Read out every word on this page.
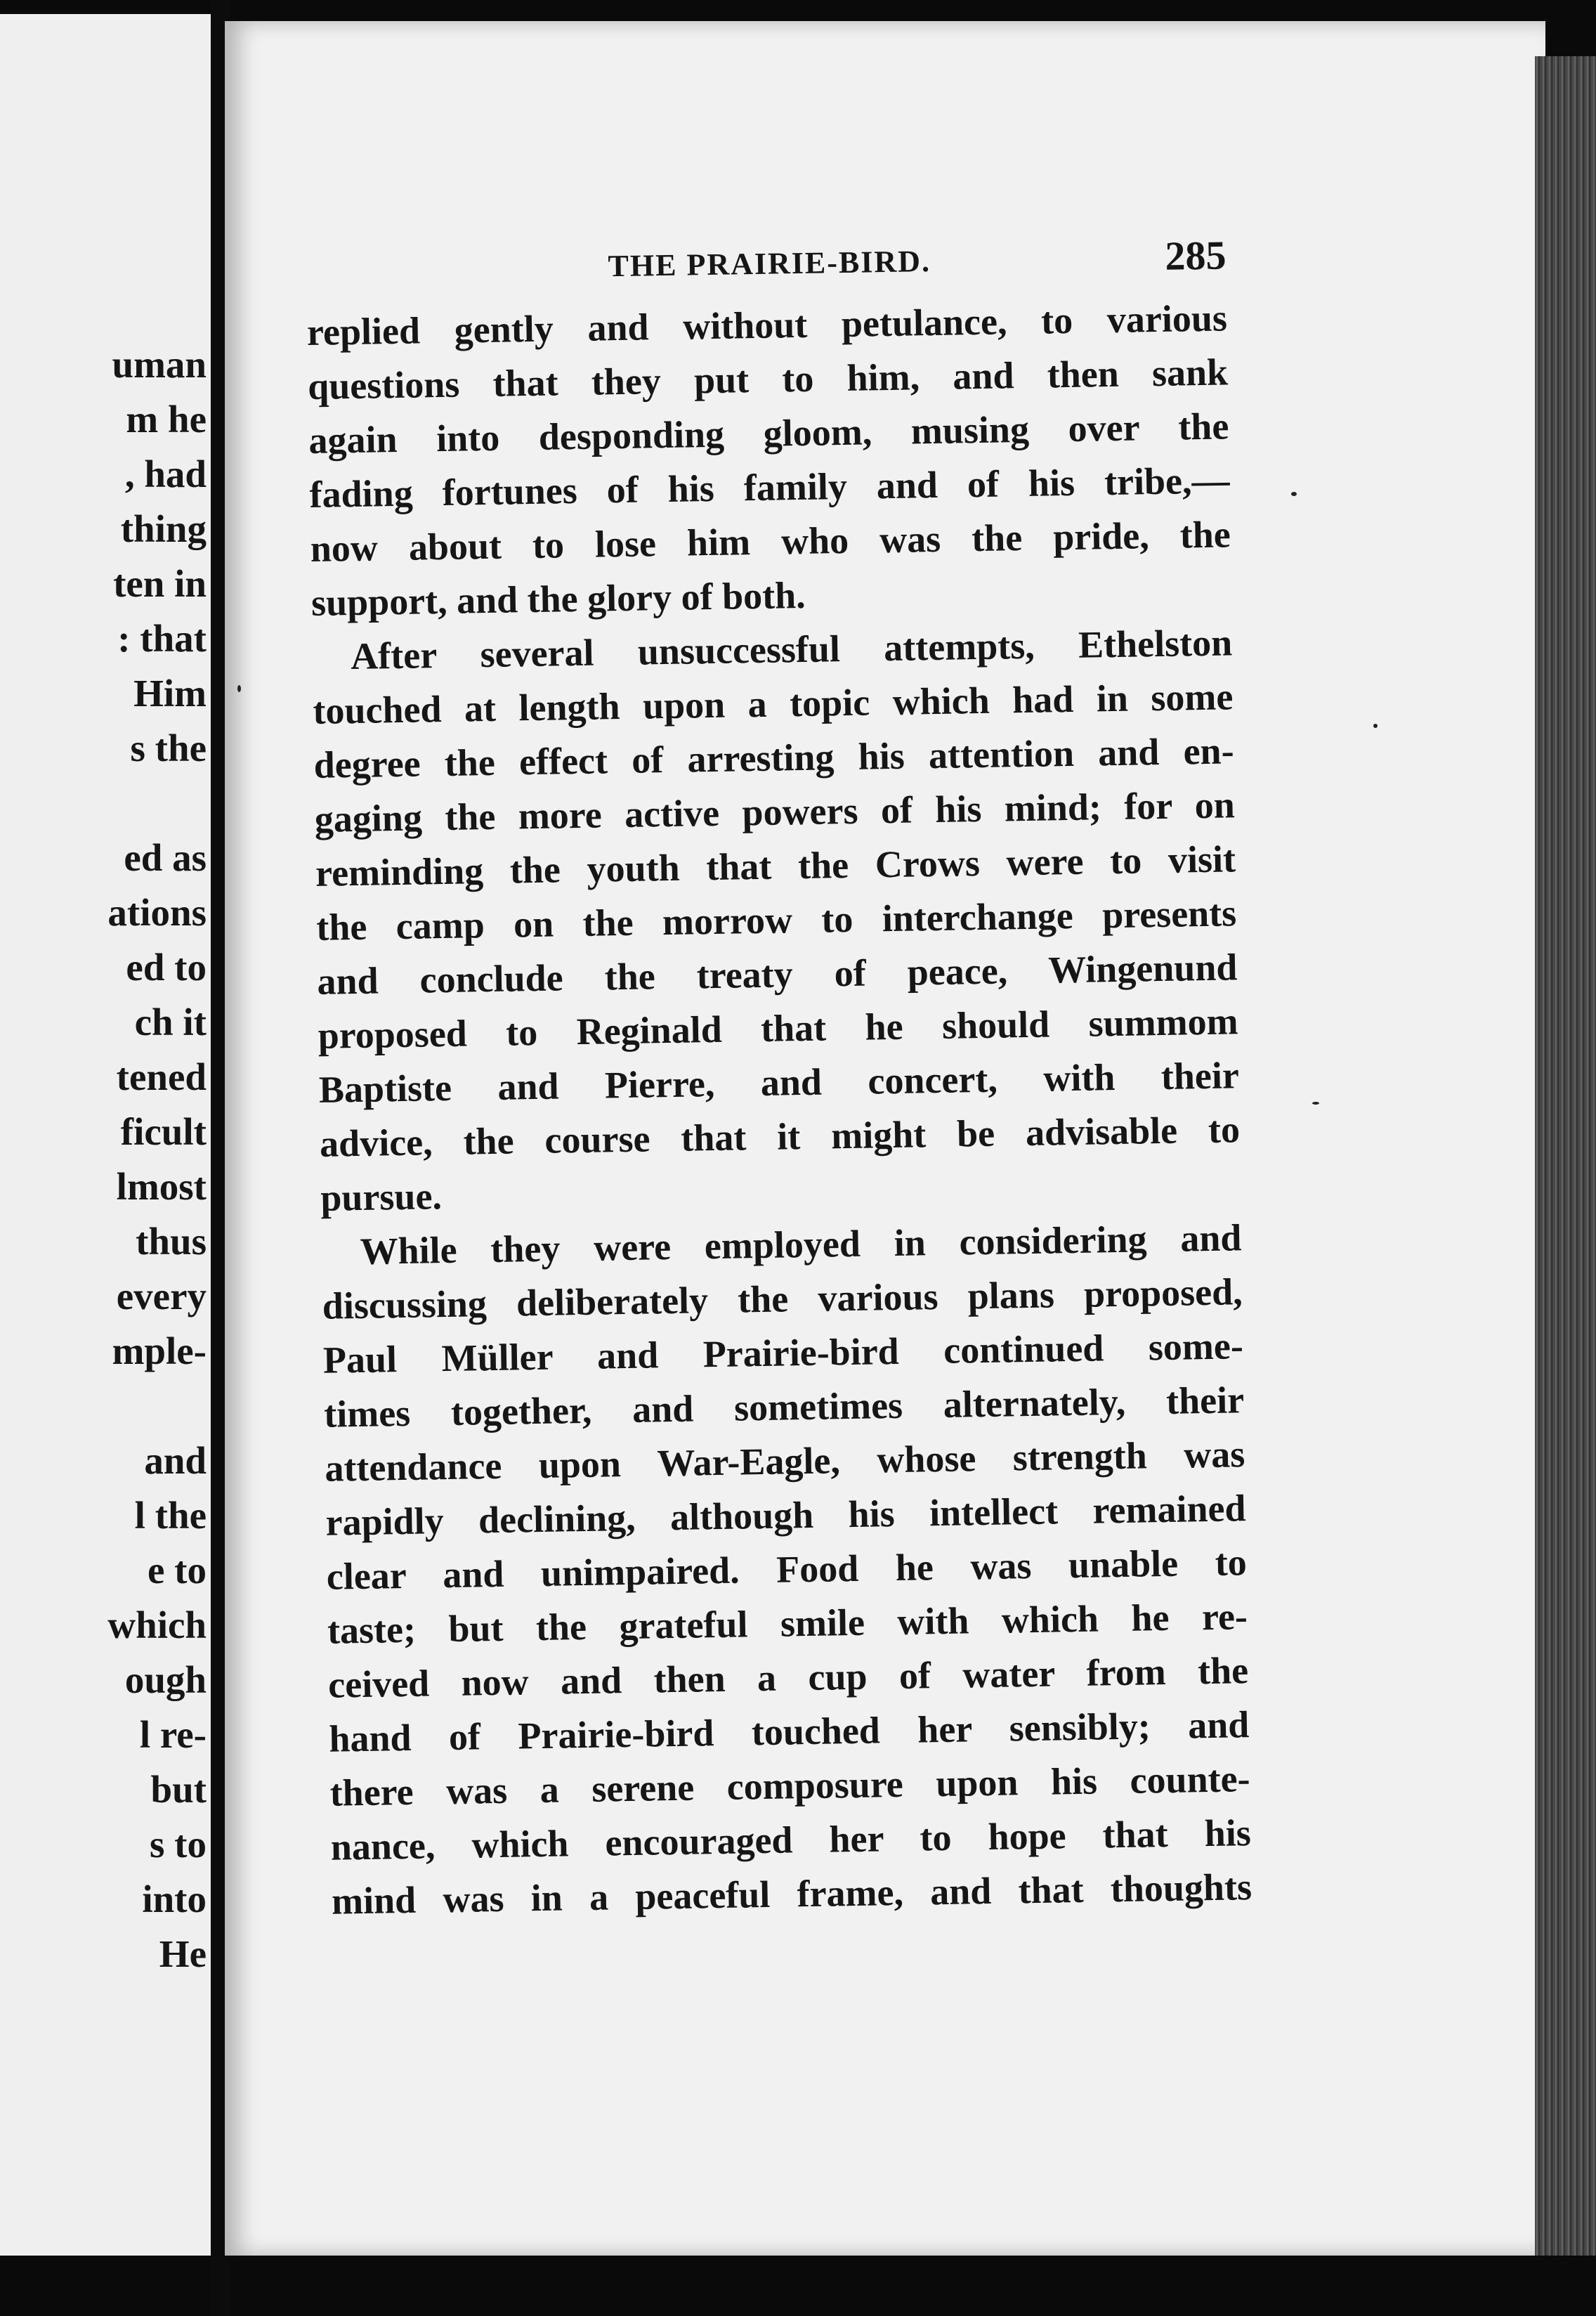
uman
m he
, had
thing
ten in
: that
Him
s the
ed as
ations
ed to
ch it
tened
ficult
lmost
thus
every
mple-
and
l the
e to
which
ough
l re-
but
s to
into
He
THE PRAIRIE-BIRD.	285
replied gently and without petulance, to various
questions that they put to him, and then sank
again into desponding gloom, musing over the
fading fortunes of his family and of his tribe,—
now about to lose him who was the pride, the
support, and the glory of both.
After several unsuccessful attempts, Ethelston
touched at length upon a topic which had in some
degree the effect of arresting his attention and en-
gaging the more active powers of his mind; for on
reminding the youth that the Crows were to visit
the camp on the morrow to interchange presents
and conclude the treaty of peace, Wingenund
proposed to Reginald that he should summom
Baptiste and Pierre, and concert, with their
advice, the course that it might be advisable to
pursue.
While they were employed in considering and
discussing deliberately the various plans proposed,
Paul Müller and Prairie-bird continued some-
times together, and sometimes alternately, their
attendance upon War-Eagle, whose strength was
rapidly declining, although his intellect remained
clear and unimpaired. Food he was unable to
taste; but the grateful smile with which he re-
ceived now and then a cup of water from the
hand of Prairie-bird touched her sensibly; and
there was a serene composure upon his counte-
nance, which encouraged her to hope that his
mind was in a peaceful frame, and that thoughts
